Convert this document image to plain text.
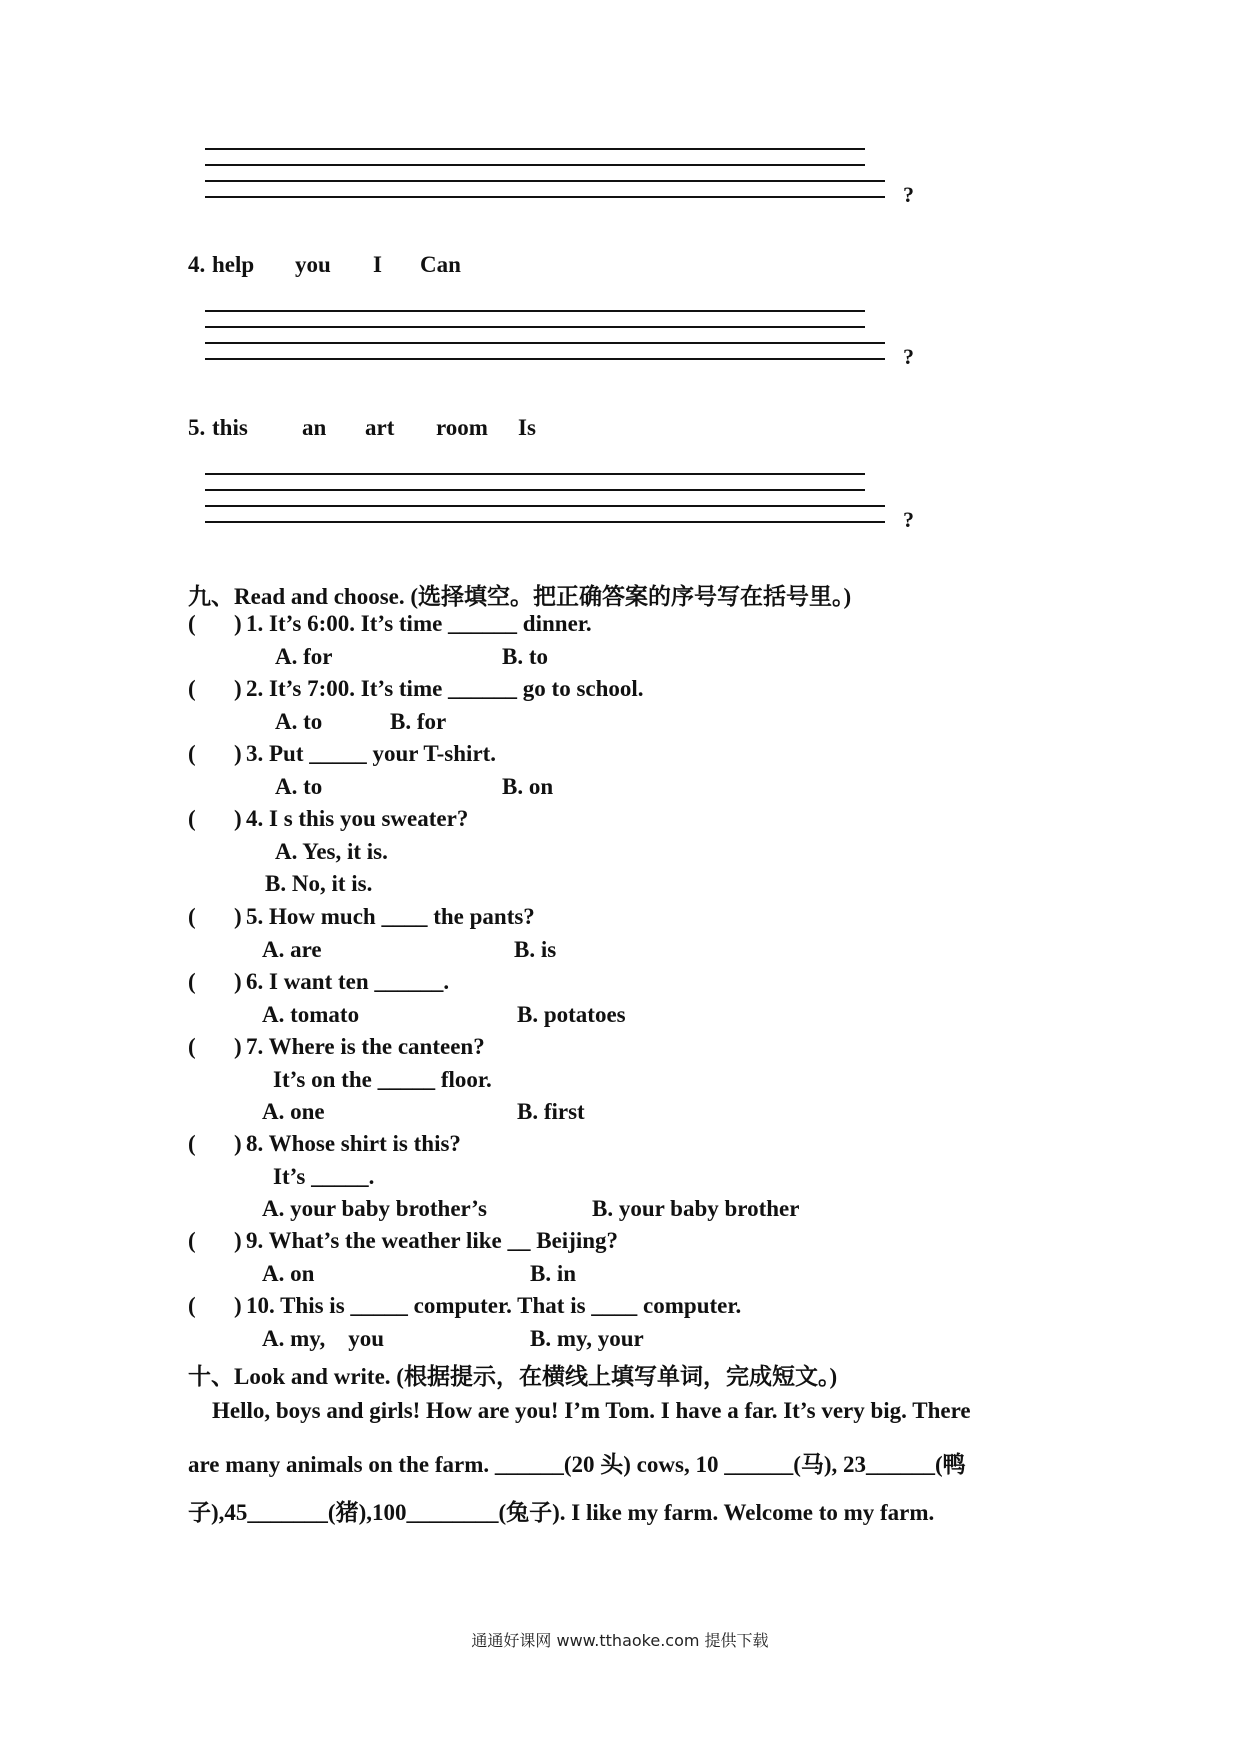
?
4. help you I Can
?
5. this an art room Is
?
九、Read and choose. (选择填空。把正确答案的序号写在括号里。)
( ) 1. It’s 6:00. It’s time ______ dinner.
A. for	B. to
( ) 2. It’s 7:00. It’s time ______ go to school.
A. to	B. for
( ) 3. Put _____ your T-shirt.
A. to	B. on
( ) 4. I s this you sweater?
A. Yes, it is.
B. No, it is.
( ) 5. How much ____ the pants?
A. are	B. is
( ) 6. I want ten ______.
A. tomato	B. potatoes
( ) 7. Where is the canteen?
It’s on the _____ floor.
A. one	B. first
( ) 8. Whose shirt is this?
It’s _____.
A. your baby brother’s	B. your baby brother
( ) 9. What’s the weather like __ Beijing?
A. on	B. in
( ) 10. This is _____ computer. That is ____ computer.
A. my,    you	B. my, your
十、Look and write. (根据提示，在横线上填写单词，完成短文。)
Hello, boys and girls! How are you! I’m Tom. I have a far. It’s very big. There
are many animals on the farm. ______(20 头) cows, 10 ______(马), 23______(鸭
子),45_______(猪),100________(兔子). I like my farm. Welcome to my farm.
通通好课网 www.tthaoke.com 提供下载
